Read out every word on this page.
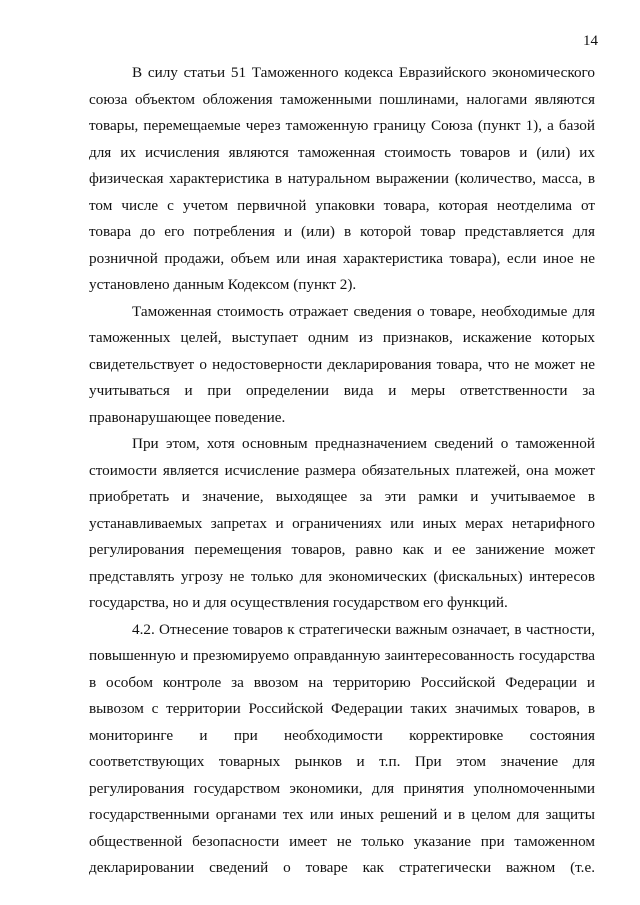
14
В силу статьи 51 Таможенного кодекса Евразийского экономического
союза объектом обложения таможенными пошлинами, налогами являются
товары, перемещаемые через таможенную границу Союза (пункт 1), а базой
для их исчисления являются таможенная стоимость товаров и (или) их
физическая характеристика в натуральном выражении (количество, масса, в
том числе с учетом первичной упаковки товара, которая неотделима от
товара до его потребления и (или) в которой товар представляется для
розничной продажи, объем или иная характеристика товара), если иное не
установлено данным Кодексом (пункт 2).
Таможенная стоимость отражает сведения о товаре, необходимые для
таможенных целей, выступает одним из признаков, искажение которых
свидетельствует о недостоверности декларирования товара, что не может не
учитываться и при определении вида и меры ответственности за
правонарушающее поведение.
При этом, хотя основным предназначением сведений о таможенной
стоимости является исчисление размера обязательных платежей, она может
приобретать и значение, выходящее за эти рамки и учитываемое в
устанавливаемых запретах и ограничениях или иных мерах нетарифного
регулирования перемещения товаров, равно как и ее занижение может
представлять угрозу не только для экономических (фискальных) интересов
государства, но и для осуществления государством его функций.
4.2. Отнесение товаров к стратегически важным означает, в частности,
повышенную и презюмируемо оправданную заинтересованность государства
в особом контроле за ввозом на территорию Российской Федерации и
вывозом с территории Российской Федерации таких значимых товаров, в
мониторинге и при необходимости корректировке состояния
соответствующих товарных рынков и т.п. При этом значение для
регулирования государством экономики, для принятия уполномоченными
государственными органами тех или иных решений и в целом для защиты
общественной безопасности имеет не только указание при таможенном
декларировании сведений о товаре как стратегически важном (т.е.
